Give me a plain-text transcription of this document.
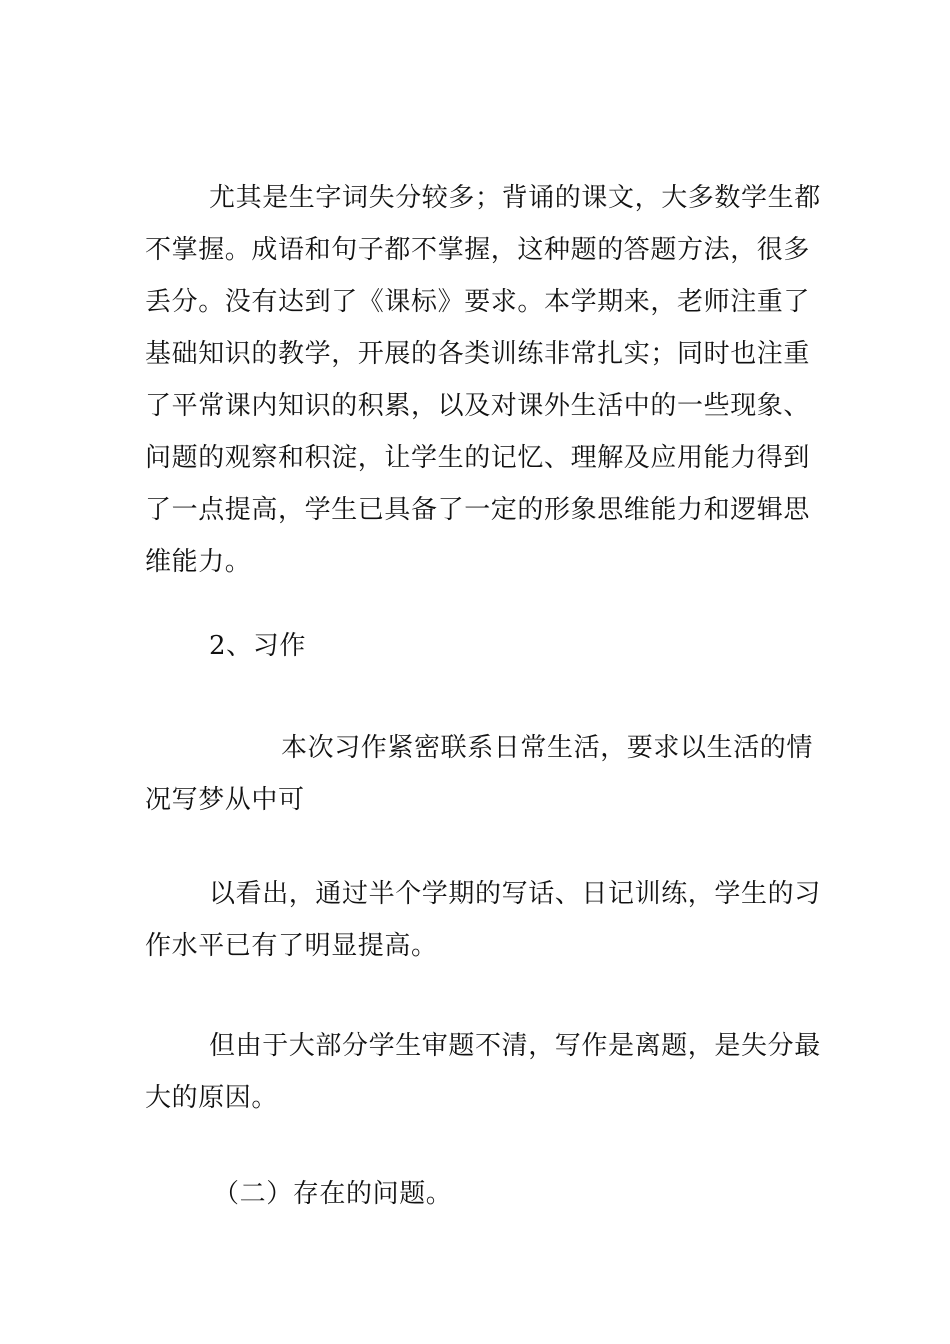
尤其是生字词失分较多；背诵的课文，大多数学生都
不掌握。成语和句子都不掌握，这种题的答题方法，很多
丢分。没有达到了《课标》要求。本学期来，老师注重了
基础知识的教学，开展的各类训练非常扎实；同时也注重
了平常课内知识的积累，以及对课外生活中的一些现象、
问题的观察和积淀，让学生的记忆、理解及应用能力得到
了一点提高，学生已具备了一定的形象思维能力和逻辑思
维能力。
2、习作
本次习作紧密联系日常生活，要求以生活的情
况写梦从中可
以看出，通过半个学期的写话、日记训练，学生的习
作水平已有了明显提高。
但由于大部分学生审题不清，写作是离题，是失分最
大的原因。
（二）存在的问题。
